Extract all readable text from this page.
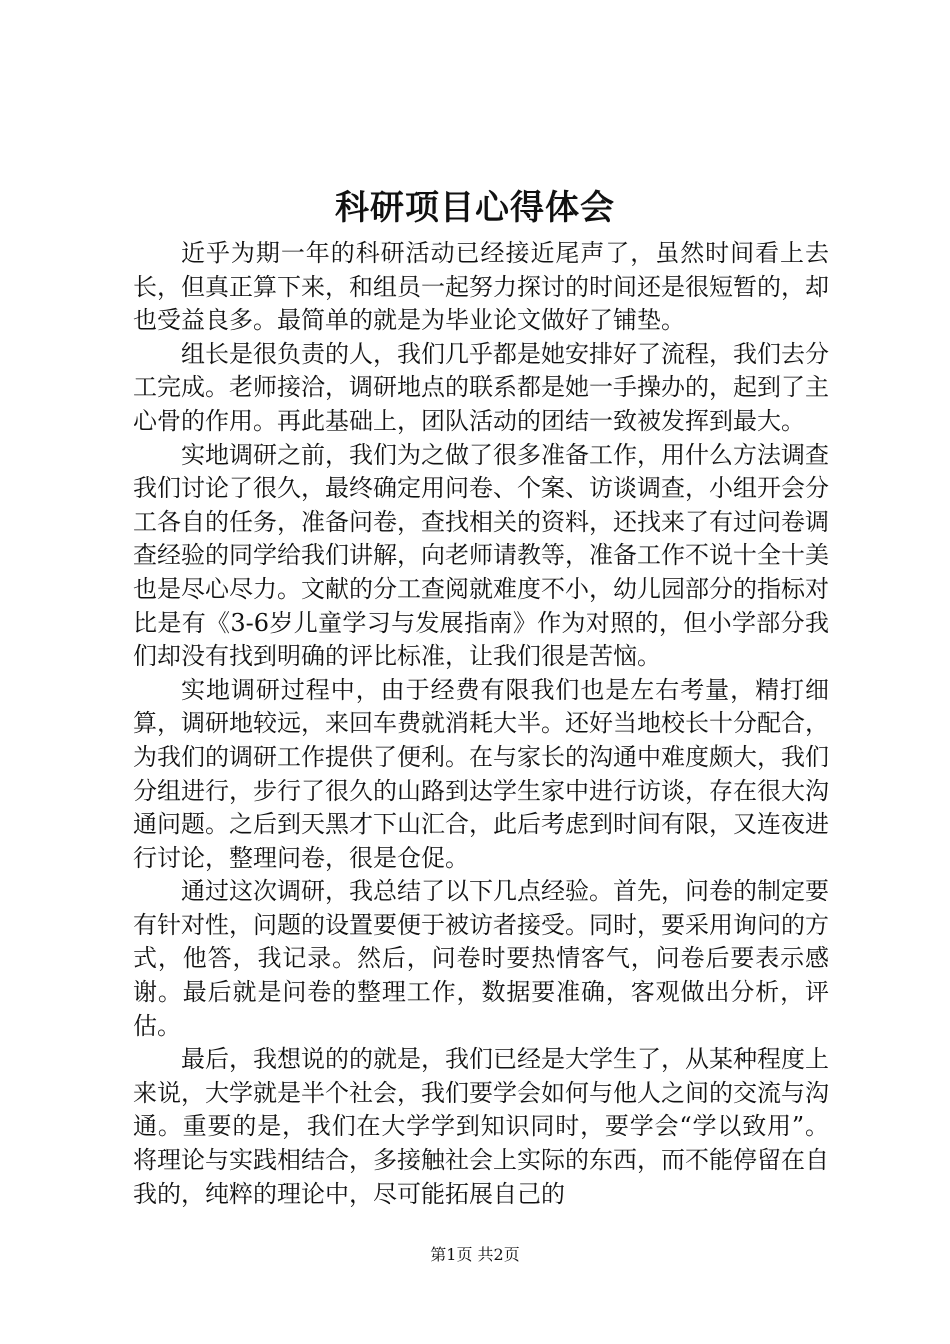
科研项目心得体会

近乎为期一年的科研活动已经接近尾声了，虽然时间看上去长，但真正算下来，和组员一起努力探讨的时间还是很短暂的，却也受益良多。最简单的就是为毕业论文做好了铺垫。

组长是很负责的人，我们几乎都是她安排好了流程，我们去分工完成。老师接洽，调研地点的联系都是她一手操办的，起到了主心骨的作用。再此基础上，团队活动的团结一致被发挥到最大。

实地调研之前，我们为之做了很多准备工作，用什么方法调查我们讨论了很久，最终确定用问卷、个案、访谈调查，小组开会分工各自的任务，准备问卷，查找相关的资料，还找来了有过问卷调查经验的同学给我们讲解，向老师请教等，准备工作不说十全十美也是尽心尽力。文献的分工查阅就难度不小，幼儿园部分的指标对比是有《3-6岁儿童学习与发展指南》作为对照的，但小学部分我们却没有找到明确的评比标准，让我们很是苦恼。

实地调研过程中，由于经费有限我们也是左右考量，精打细算，调研地较远，来回车费就消耗大半。还好当地校长十分配合，为我们的调研工作提供了便利。在与家长的沟通中难度颇大，我们分组进行，步行了很久的山路到达学生家中进行访谈，存在很大沟通问题。之后到天黑才下山汇合，此后考虑到时间有限，又连夜进行讨论，整理问卷，很是仓促。

通过这次调研，我总结了以下几点经验。首先，问卷的制定要有针对性，问题的设置要便于被访者接受。同时，要采用询问的方式，他答，我记录。然后，问卷时要热情客气，问卷后要表示感谢。最后就是问卷的整理工作，数据要准确，客观做出分析，评估。

最后，我想说的的就是，我们已经是大学生了，从某种程度上来说，大学就是半个社会，我们要学会如何与他人之间的交流与沟通。重要的是，我们在大学学到知识同时，要学会“学以致用”。将理论与实践相结合，多接触社会上实际的东西，而不能停留在自我的，纯粹的理论中，尽可能拓展自己的

第1页 共2页
